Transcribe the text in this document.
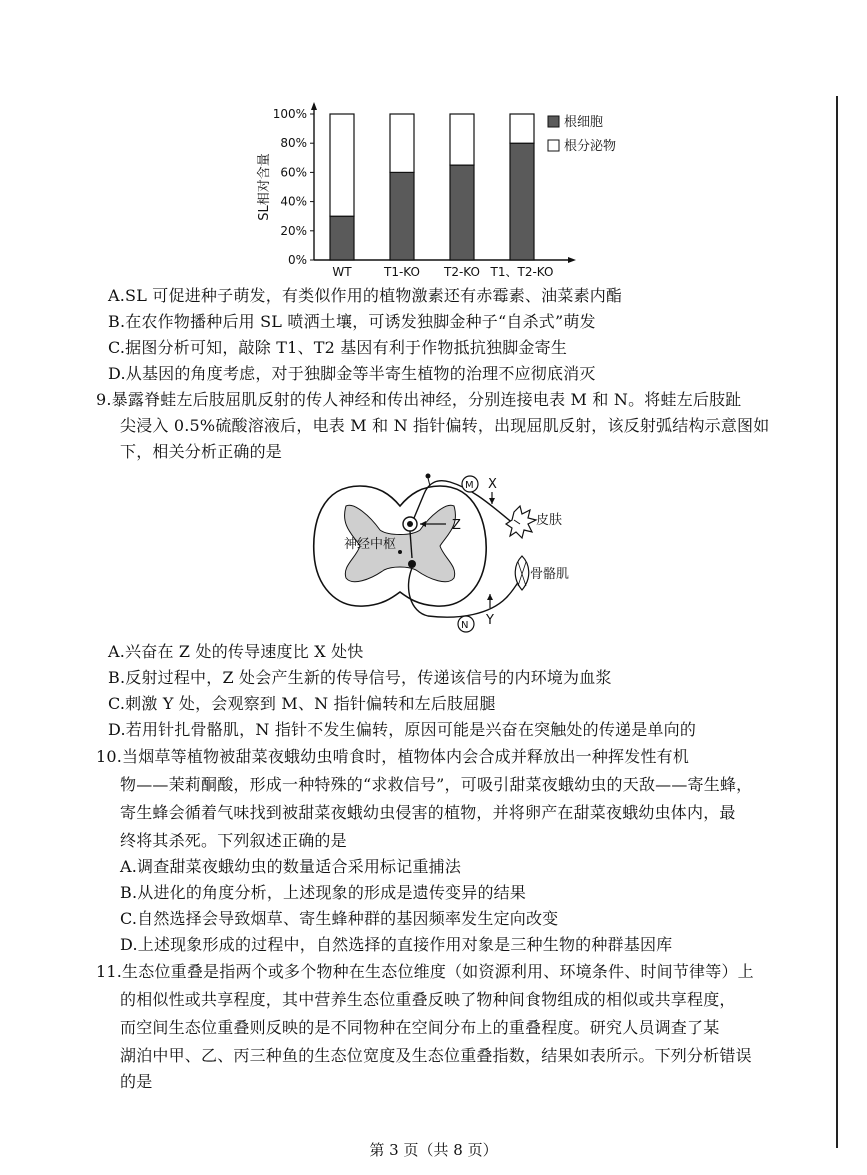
0%
20%
40%
60%
80%
100%
SL相对含量
WT	T1-KO T2-KO T1、T2-KO
根细胞
根分泌物
A.SL 可促进种子萌发，有类似作用的植物激素还有赤霉素、油菜素内酯
B.在农作物播种后用 SL 喷洒土壤，可诱发独脚金种子“自杀式”萌发
C.据图分析可知，敲除 T1、T2 基因有利于作物抵抗独脚金寄生
D.从基因的角度考虑，对于独脚金等半寄生植物的治理不应彻底消灭
9.暴露脊蛙左后肢屈肌反射的传人神经和传出神经，分别连接电表 M 和 N。将蛙左后肢趾
尖浸入 0.5%硫酸溶液后，电表 M 和 N 指针偏转，出现屈肌反射，该反射弧结构示意图如
下，相关分析正确的是
神经中枢
Z
M X
皮肤
骨骼肌
N Y
A.兴奋在 Z 处的传导速度比 X 处快
B.反射过程中，Z 处会产生新的传导信号，传递该信号的内环境为血浆
C.刺激 Y 处，会观察到 M、N 指针偏转和左后肢屈腿
D.若用针扎骨骼肌，N 指针不发生偏转，原因可能是兴奋在突触处的传递是单向的
10.当烟草等植物被甜菜夜蛾幼虫啃食时，植物体内会合成并释放出一种挥发性有机
物——茉莉酮酸，形成一种特殊的“求救信号”，可吸引甜菜夜蛾幼虫的天敌——寄生蜂，
寄生蜂会循着气味找到被甜菜夜蛾幼虫侵害的植物，并将卵产在甜菜夜蛾幼虫体内，最
终将其杀死。下列叙述正确的是
A.调查甜菜夜蛾幼虫的数量适合采用标记重捕法
B.从进化的角度分析，上述现象的形成是遗传变异的结果
C.自然选择会导致烟草、寄生蜂种群的基因频率发生定向改变
D.上述现象形成的过程中，自然选择的直接作用对象是三种生物的种群基因库
11.生态位重叠是指两个或多个物种在生态位维度（如资源利用、环境条件、时间节律等）上
的相似性或共享程度，其中营养生态位重叠反映了物种间食物组成的相似或共享程度，
而空间生态位重叠则反映的是不同物种在空间分布上的重叠程度。研究人员调查了某
湖泊中甲、乙、丙三种鱼的生态位宽度及生态位重叠指数，结果如表所示。下列分析错误
的是
第 3 页（共 8 页）
